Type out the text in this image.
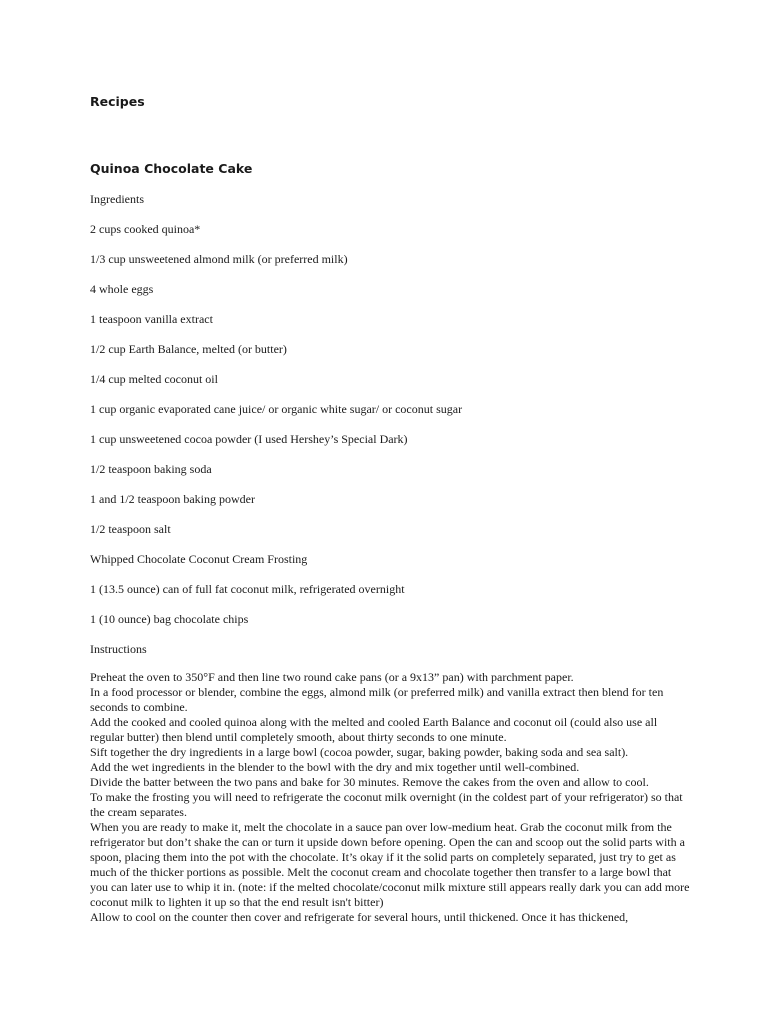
Recipes
Quinoa Chocolate Cake
Ingredients
2 cups cooked quinoa*
1/3 cup unsweetened almond milk (or preferred milk)
4 whole eggs
1 teaspoon vanilla extract
1/2 cup Earth Balance, melted (or butter)
1/4 cup melted coconut oil
1 cup organic evaporated cane juice/ or organic white sugar/ or coconut sugar
1 cup unsweetened cocoa powder (I used Hershey’s Special Dark)
1/2 teaspoon baking soda
1 and 1/2 teaspoon baking powder
1/2 teaspoon salt
Whipped Chocolate Coconut Cream Frosting
1 (13.5 ounce) can of full fat coconut milk, refrigerated overnight
1 (10 ounce) bag chocolate chips
Instructions

Preheat the oven to 350°F and then line two round cake pans (or a 9x13” pan) with parchment paper.

In a food processor or blender, combine the eggs, almond milk (or preferred milk) and vanilla extract then blend for ten seconds to combine.

Add the cooked and cooled quinoa along with the melted and cooled Earth Balance and coconut oil (could also use all regular butter) then blend until completely smooth, about thirty seconds to one minute.

Sift together the dry ingredients in a large bowl (cocoa powder, sugar, baking powder, baking soda and sea salt).

Add the wet ingredients in the blender to the bowl with the dry and mix together until well-combined.

Divide the batter between the two pans and bake for 30 minutes. Remove the cakes from the oven and allow to cool.

To make the frosting you will need to refrigerate the coconut milk overnight (in the coldest part of your refrigerator) so that the cream separates.

When you are ready to make it, melt the chocolate in a sauce pan over low-medium heat. Grab the coconut milk from the refrigerator but don’t shake the can or turn it upside down before opening. Open the can and scoop out the solid parts with a spoon, placing them into the pot with the chocolate. It’s okay if it the solid parts on completely separated, just try to get as much of the thicker portions as possible. Melt the coconut cream and chocolate together then transfer to a large bowl that you can later use to whip it in. (note: if the melted chocolate/coconut milk mixture still appears really dark you can add more coconut milk to lighten it up so that the end result isn't bitter)

Allow to cool on the counter then cover and refrigerate for several hours, until thickened. Once it has thickened,
